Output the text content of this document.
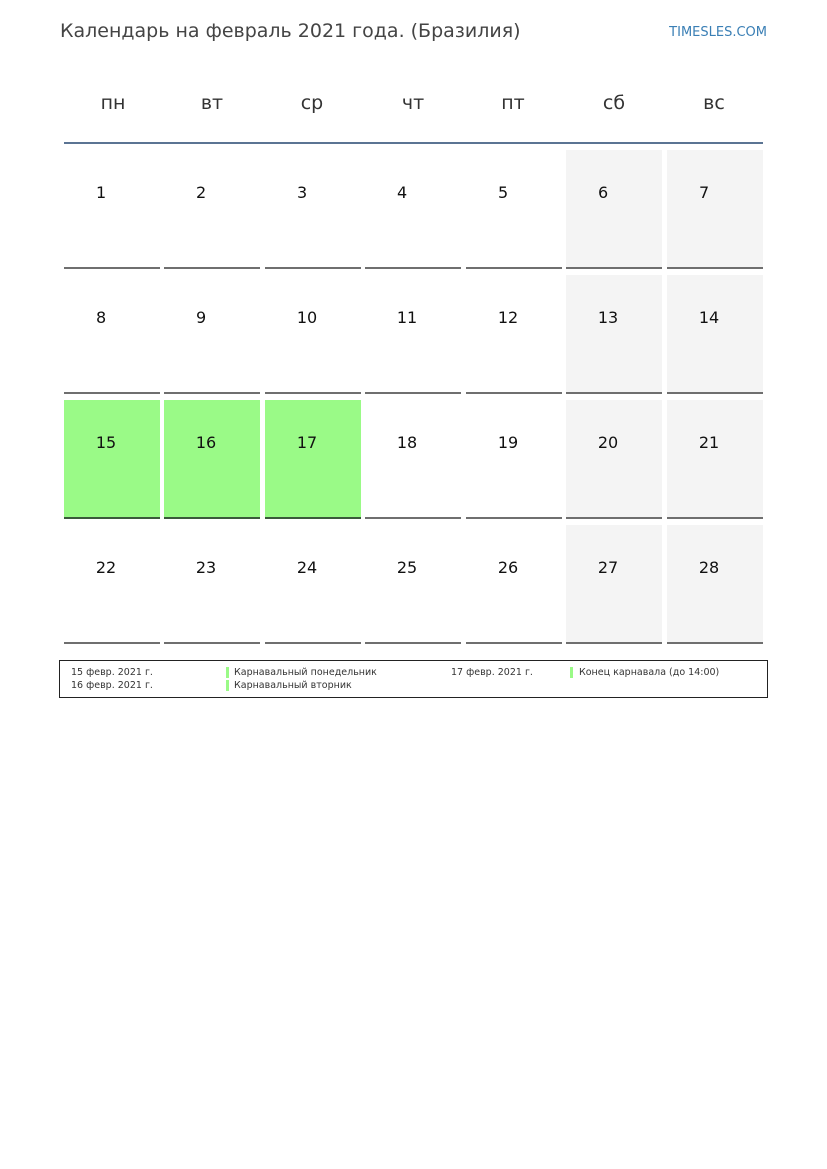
Календарь на февраль 2021 года. (Бразилия)	TIMESLES.COM
пн	вт	ср	чт	пт	сб	вс
1	2	3	4	5	6	7
8	9	10	11	12	13	14
15	16	17	18	19	20	21
22	23	24	25	26	27	28
15 февр. 2021 г.	Карнавальный понедельник
16 февр. 2021 г.	Карнавальный вторник
17 февр. 2021 г.	Конец карнавала (до 14:00)
